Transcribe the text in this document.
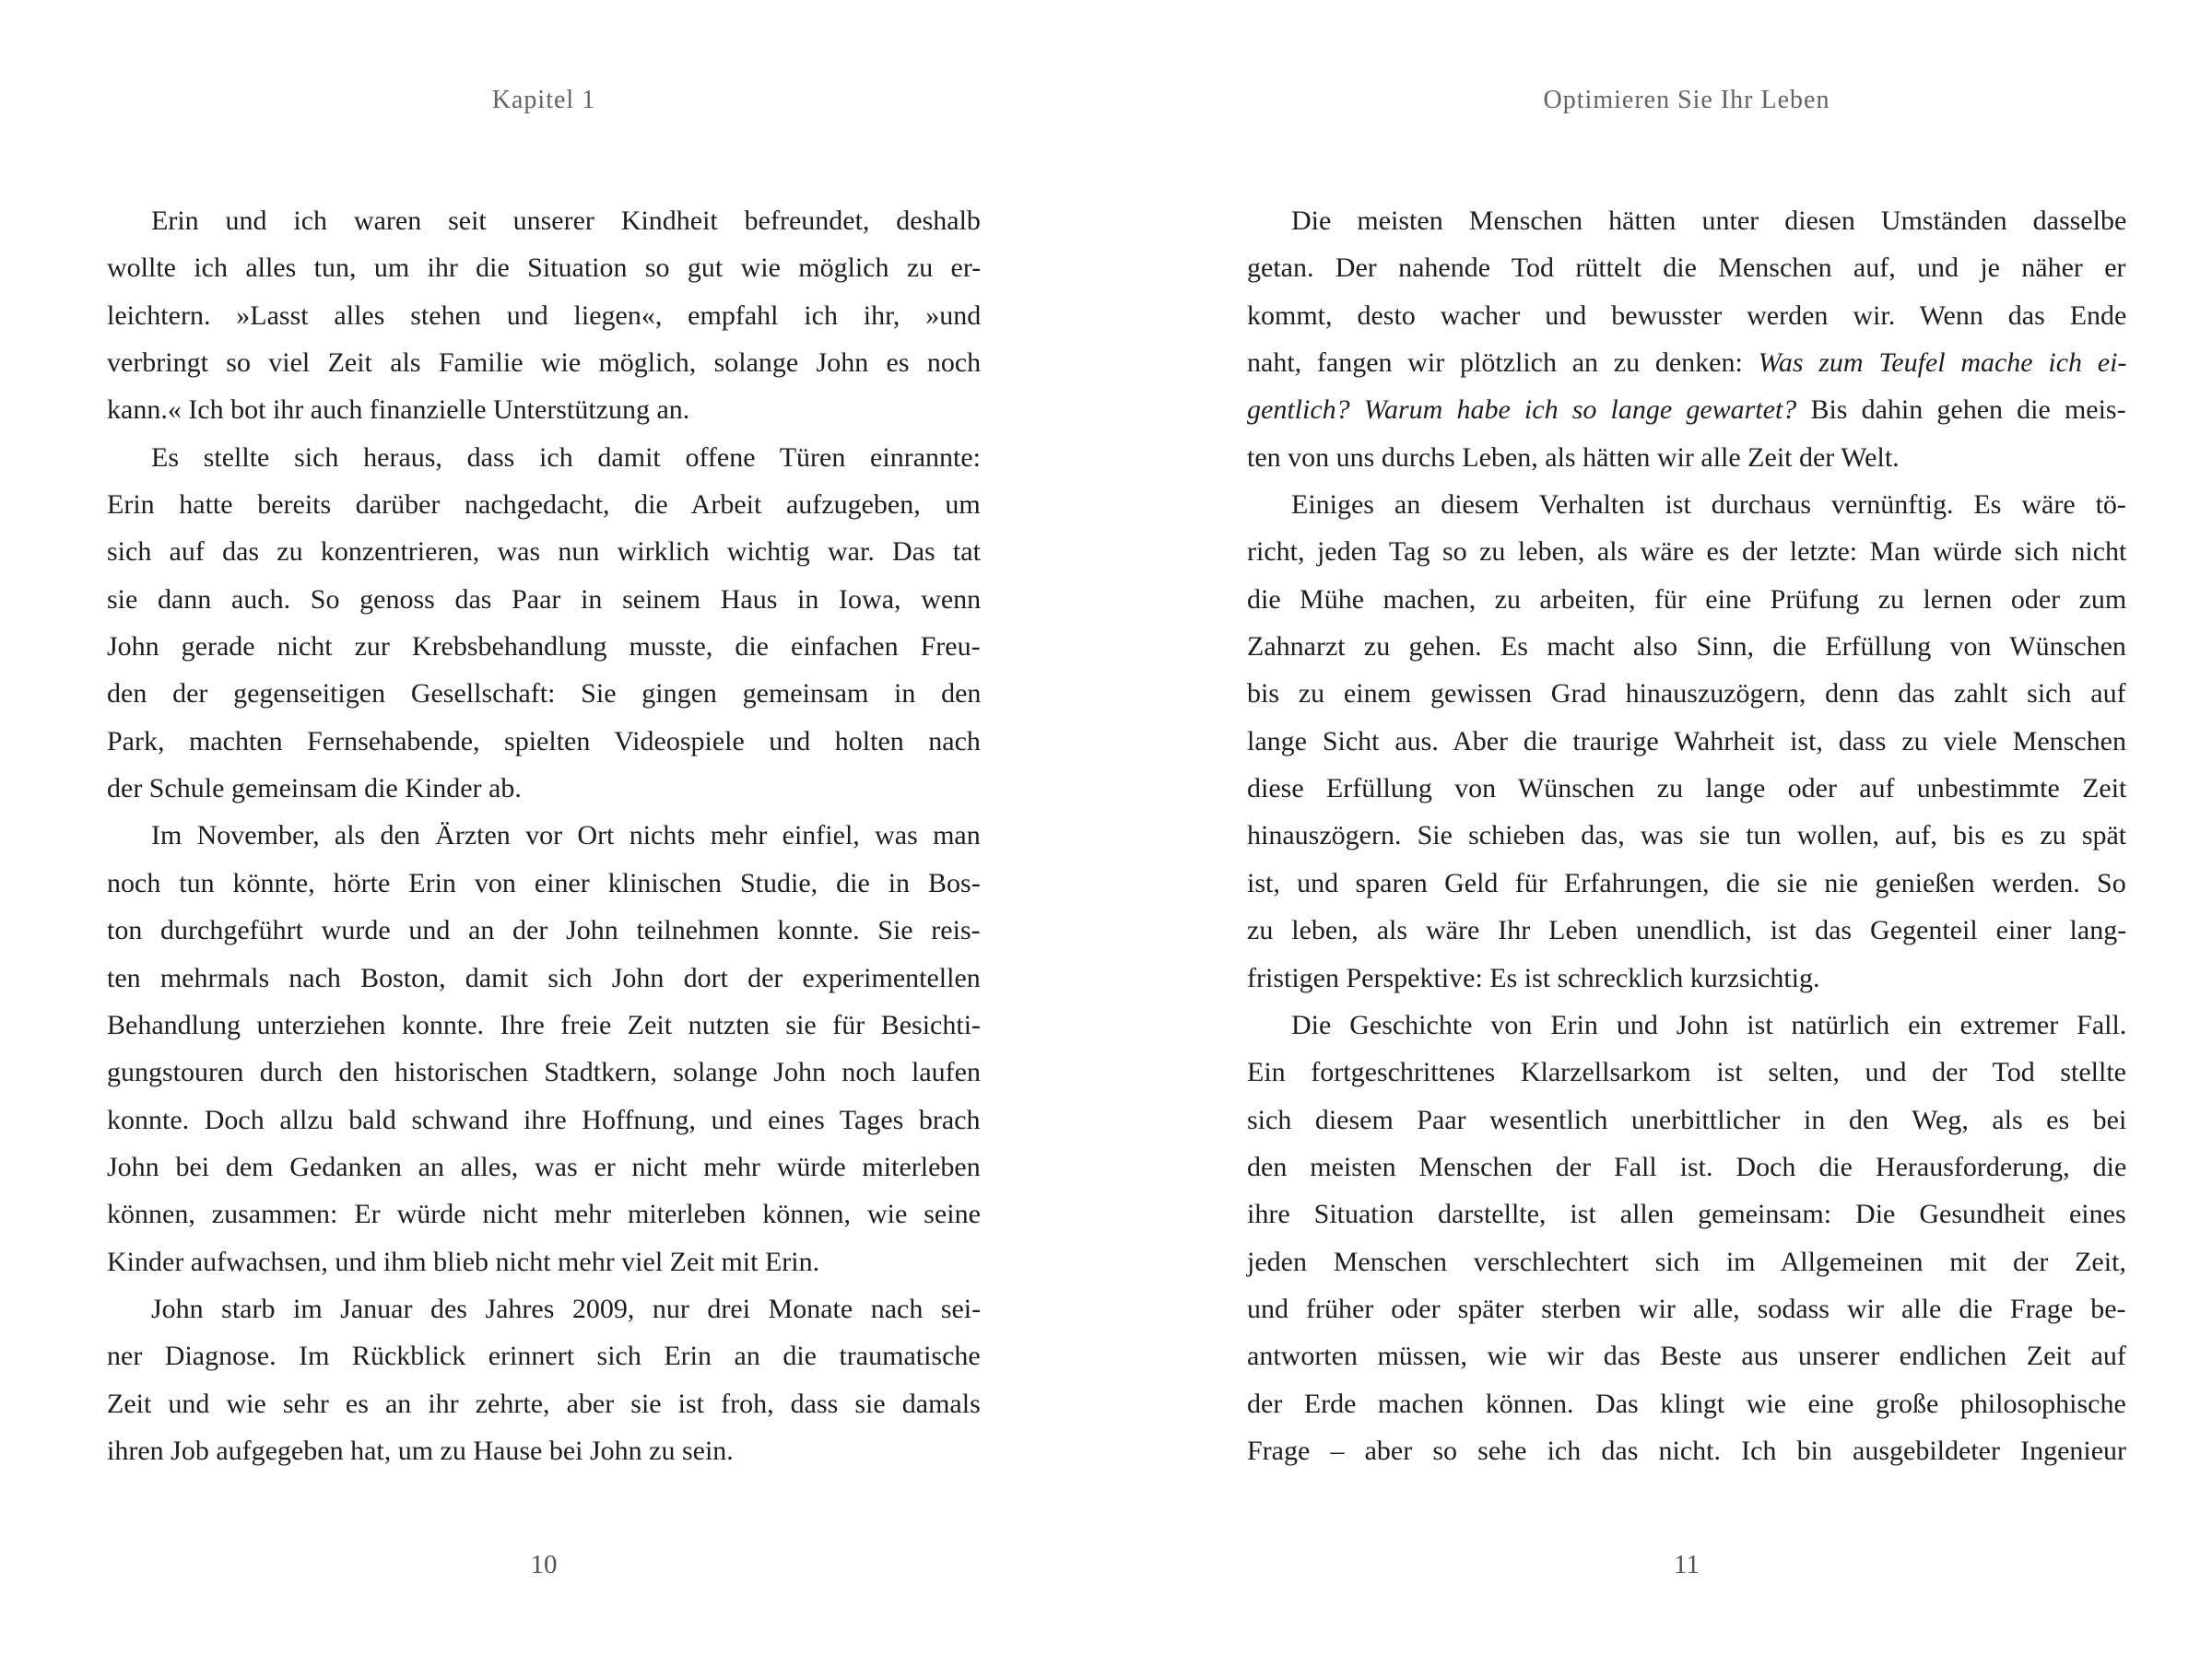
Kapitel 1
Erin und ich waren seit unserer Kindheit befreundet, deshalb
wollte ich alles tun, um ihr die Situation so gut wie möglich zu er-
leichtern. »Lasst alles stehen und liegen«, empfahl ich ihr, »und
verbringt so viel Zeit als Familie wie möglich, solange John es noch
kann.« Ich bot ihr auch finanzielle Unterstützung an.
Es stellte sich heraus, dass ich damit offene Türen einrannte:
Erin hatte bereits darüber nachgedacht, die Arbeit aufzugeben, um
sich auf das zu konzentrieren, was nun wirklich wichtig war. Das tat
sie dann auch. So genoss das Paar in seinem Haus in Iowa, wenn
John gerade nicht zur Krebsbehandlung musste, die einfachen Freu-
den der gegenseitigen Gesellschaft: Sie gingen gemeinsam in den
Park, machten Fernsehabende, spielten Videospiele und holten nach
der Schule gemeinsam die Kinder ab.
Im November, als den Ärzten vor Ort nichts mehr einfiel, was man
noch tun könnte, hörte Erin von einer klinischen Studie, die in Bos-
ton durchgeführt wurde und an der John teilnehmen konnte. Sie reis-
ten mehrmals nach Boston, damit sich John dort der experimentellen
Behandlung unterziehen konnte. Ihre freie Zeit nutzten sie für Besichti-
gungstouren durch den historischen Stadtkern, solange John noch laufen
konnte. Doch allzu bald schwand ihre Hoffnung, und eines Tages brach
John bei dem Gedanken an alles, was er nicht mehr würde miterleben
können, zusammen: Er würde nicht mehr miterleben können, wie seine
Kinder aufwachsen, und ihm blieb nicht mehr viel Zeit mit Erin.
John starb im Januar des Jahres 2009, nur drei Monate nach sei-
ner Diagnose. Im Rückblick erinnert sich Erin an die traumatische
Zeit und wie sehr es an ihr zehrte, aber sie ist froh, dass sie damals
ihren Job aufgegeben hat, um zu Hause bei John zu sein.
10
Optimieren Sie Ihr Leben
Die meisten Menschen hätten unter diesen Umständen dasselbe
getan. Der nahende Tod rüttelt die Menschen auf, und je näher er
kommt, desto wacher und bewusster werden wir. Wenn das Ende
naht, fangen wir plötzlich an zu denken: Was zum Teufel mache ich ei-
gentlich? Warum habe ich so lange gewartet? Bis dahin gehen die meis-
ten von uns durchs Leben, als hätten wir alle Zeit der Welt.
Einiges an diesem Verhalten ist durchaus vernünftig. Es wäre tö-
richt, jeden Tag so zu leben, als wäre es der letzte: Man würde sich nicht
die Mühe machen, zu arbeiten, für eine Prüfung zu lernen oder zum
Zahnarzt zu gehen. Es macht also Sinn, die Erfüllung von Wünschen
bis zu einem gewissen Grad hinauszuzögern, denn das zahlt sich auf
lange Sicht aus. Aber die traurige Wahrheit ist, dass zu viele Menschen
diese Erfüllung von Wünschen zu lange oder auf unbestimmte Zeit
hinauszögern. Sie schieben das, was sie tun wollen, auf, bis es zu spät
ist, und sparen Geld für Erfahrungen, die sie nie genießen werden. So
zu leben, als wäre Ihr Leben unendlich, ist das Gegenteil einer lang-
fristigen Perspektive: Es ist schrecklich kurzsichtig.
Die Geschichte von Erin und John ist natürlich ein extremer Fall.
Ein fortgeschrittenes Klarzellsarkom ist selten, und der Tod stellte
sich diesem Paar wesentlich unerbittlicher in den Weg, als es bei
den meisten Menschen der Fall ist. Doch die Herausforderung, die
ihre Situation darstellte, ist allen gemeinsam: Die Gesundheit eines
jeden Menschen verschlechtert sich im Allgemeinen mit der Zeit,
und früher oder später sterben wir alle, sodass wir alle die Frage be-
antworten müssen, wie wir das Beste aus unserer endlichen Zeit auf
der Erde machen können. Das klingt wie eine große philosophische
Frage – aber so sehe ich das nicht. Ich bin ausgebildeter Ingenieur
11
